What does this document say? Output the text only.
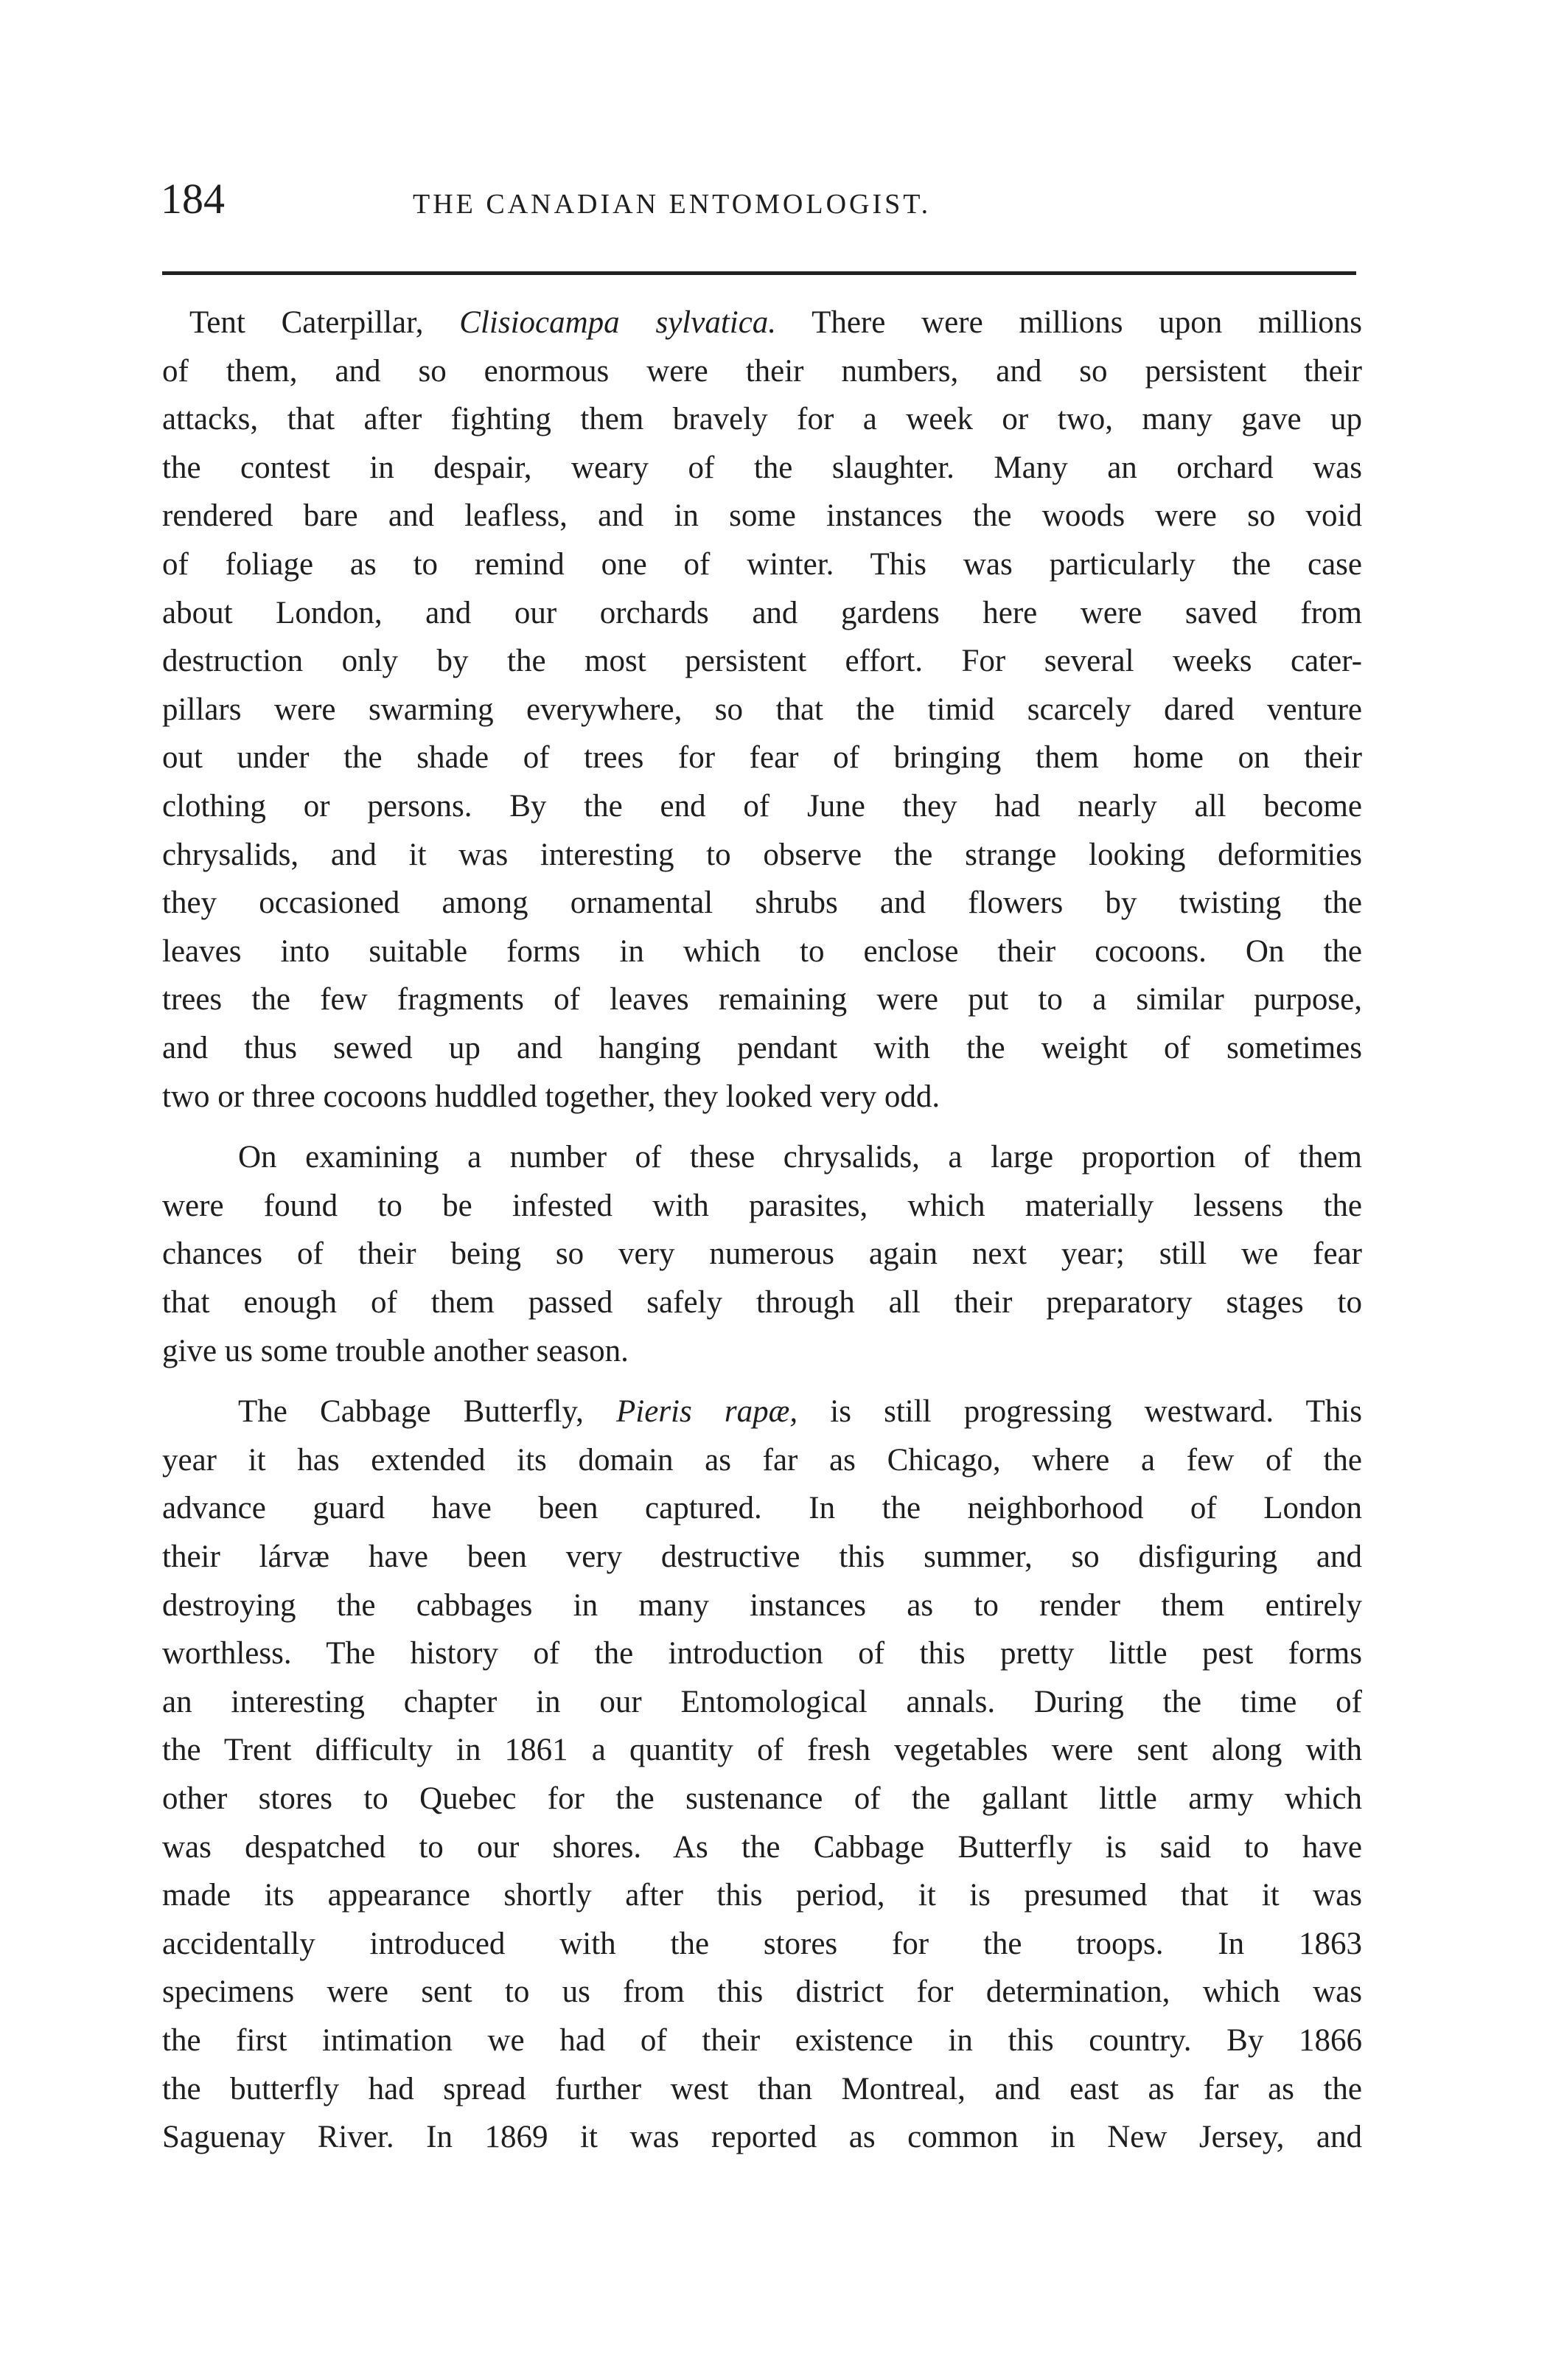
184	THE CANADIAN ENTOMOLOGIST.
Tent Caterpillar, Clisiocampa sylvatica. There were millions upon millions
of them, and so enormous were their numbers, and so persistent their
attacks, that after fighting them bravely for a week or two, many gave up
the contest in despair, weary of the slaughter. Many an orchard was
rendered bare and leafless, and in some instances the woods were so void
of foliage as to remind one of winter. This was particularly the case
about London, and our orchards and gardens here were saved from
destruction only by the most persistent effort. For several weeks cater-
pillars were swarming everywhere, so that the timid scarcely dared venture
out under the shade of trees for fear of bringing them home on their
clothing or persons. By the end of June they had nearly all become
chrysalids, and it was interesting to observe the strange looking deformities
they occasioned among ornamental shrubs and flowers by twisting the
leaves into suitable forms in which to enclose their cocoons. On the
trees the few fragments of leaves remaining were put to a similar purpose,
and thus sewed up and hanging pendant with the weight of sometimes
two or three cocoons huddled together, they looked very odd.
On examining a number of these chrysalids, a large proportion of them
were found to be infested with parasites, which materially lessens the
chances of their being so very numerous again next year; still we fear
that enough of them passed safely through all their preparatory stages to
give us some trouble another season.
The Cabbage Butterfly, Pieris rapæ, is still progressing westward. This
year it has extended its domain as far as Chicago, where a few of the
advance guard have been captured. In the neighborhood of London
their lárvæ have been very destructive this summer, so disfiguring and
destroying the cabbages in many instances as to render them entirely
worthless. The history of the introduction of this pretty little pest forms
an interesting chapter in our Entomological annals. During the time of
the Trent difficulty in 1861 a quantity of fresh vegetables were sent along with
other stores to Quebec for the sustenance of the gallant little army which
was despatched to our shores. As the Cabbage Butterfly is said to have
made its appearance shortly after this period, it is presumed that it was
accidentally introduced with the stores for the troops. In 1863
specimens were sent to us from this district for determination, which was
the first intimation we had of their existence in this country. By 1866
the butterfly had spread further west than Montreal, and east as far as the
Saguenay River. In 1869 it was reported as common in New Jersey, and
